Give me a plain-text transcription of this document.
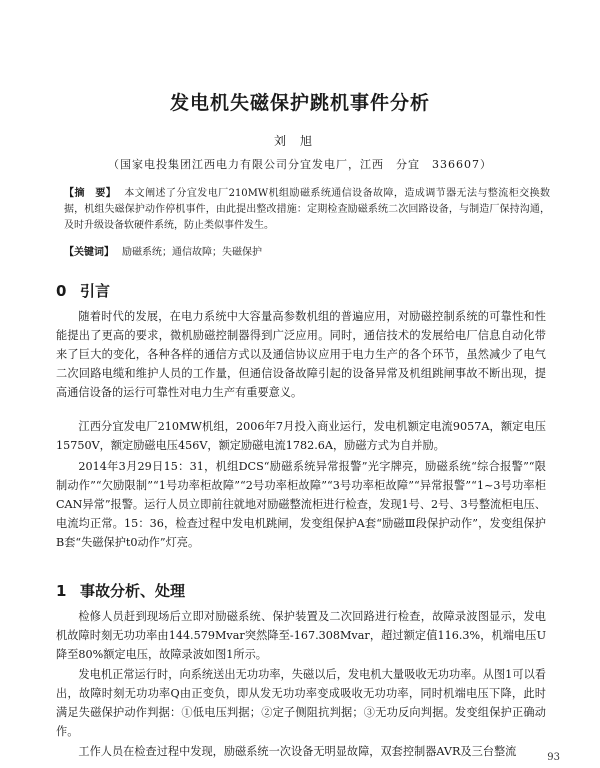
发电机失磁保护跳机事件分析
刘旭
（国家电投集团江西电力有限公司分宜发电厂，江西　分宜　336607）
【摘　要】 本文阐述了分宜发电厂210MW机组励磁系统通信设备故障，造成调节器无法与整流柜交换数据，机组失磁保护动作停机事件，由此提出整改措施：定期检查励磁系统二次回路设备，与制造厂保持沟通，及时升级设备软硬件系统，防止类似事件发生。
【关键词】 励磁系统；通信故障；失磁保护
0 引言

随着时代的发展，在电力系统中大容量高参数机组的普遍应用，对励磁控制系统的可靠性和性能提出了更高的要求，微机励磁控制器得到广泛应用。同时，通信技术的发展给电厂信息自动化带来了巨大的变化，各种各样的通信方式以及通信协议应用于电力生产的各个环节，虽然减少了电气二次回路电缆和维护人员的工作量，但通信设备故障引起的设备异常及机组跳闸事故不断出现，提高通信设备的运行可靠性对电力生产有重要意义。

江西分宜发电厂210MW机组，2006年7月投入商业运行，发电机额定电流9057A，额定电压15750V，额定励磁电压456V，额定励磁电流1782.6A，励磁方式为自并励。

2014年3月29日15：31，机组DCS“励磁系统异常报警”光字牌亮，励磁系统“综合报警”“限制动作”“欠励限制”“1号功率柜故障”“2号功率柜故障”“3号功率柜故障”“异常报警”“1~3号功率柜CAN异常”报警。运行人员立即前往就地对励磁整流柜进行检查，发现1号、2号、3号整流柜电压、电流均正常。15：36，检查过程中发电机跳闸，发变组保护A套“励磁Ⅲ段保护动作”，发变组保护B套“失磁保护t0动作”灯亮。

1 事故分析、处理

检修人员赶到现场后立即对励磁系统、保护装置及二次回路进行检查，故障录波图显示，发电机故障时刻无功功率由144.579Mvar突然降至-167.308Mvar，超过额定值116.3%，机端电压U降至80%额定电压，故障录波如图1所示。

发电机正常运行时，向系统送出无功功率，失磁以后，发电机大量吸收无功功率。从图1可以看出，故障时刻无功功率Q由正变负，即从发无功功率变成吸收无功功率，同时机端电压下降，此时满足失磁保护动作判据：①低电压判据；②定子侧阻抗判据；③无功反向判据。发变组保护正确动作。

工作人员在检查过程中发现，励磁系统一次设备无明显故障，双套控制器AVR及三台整流	93
